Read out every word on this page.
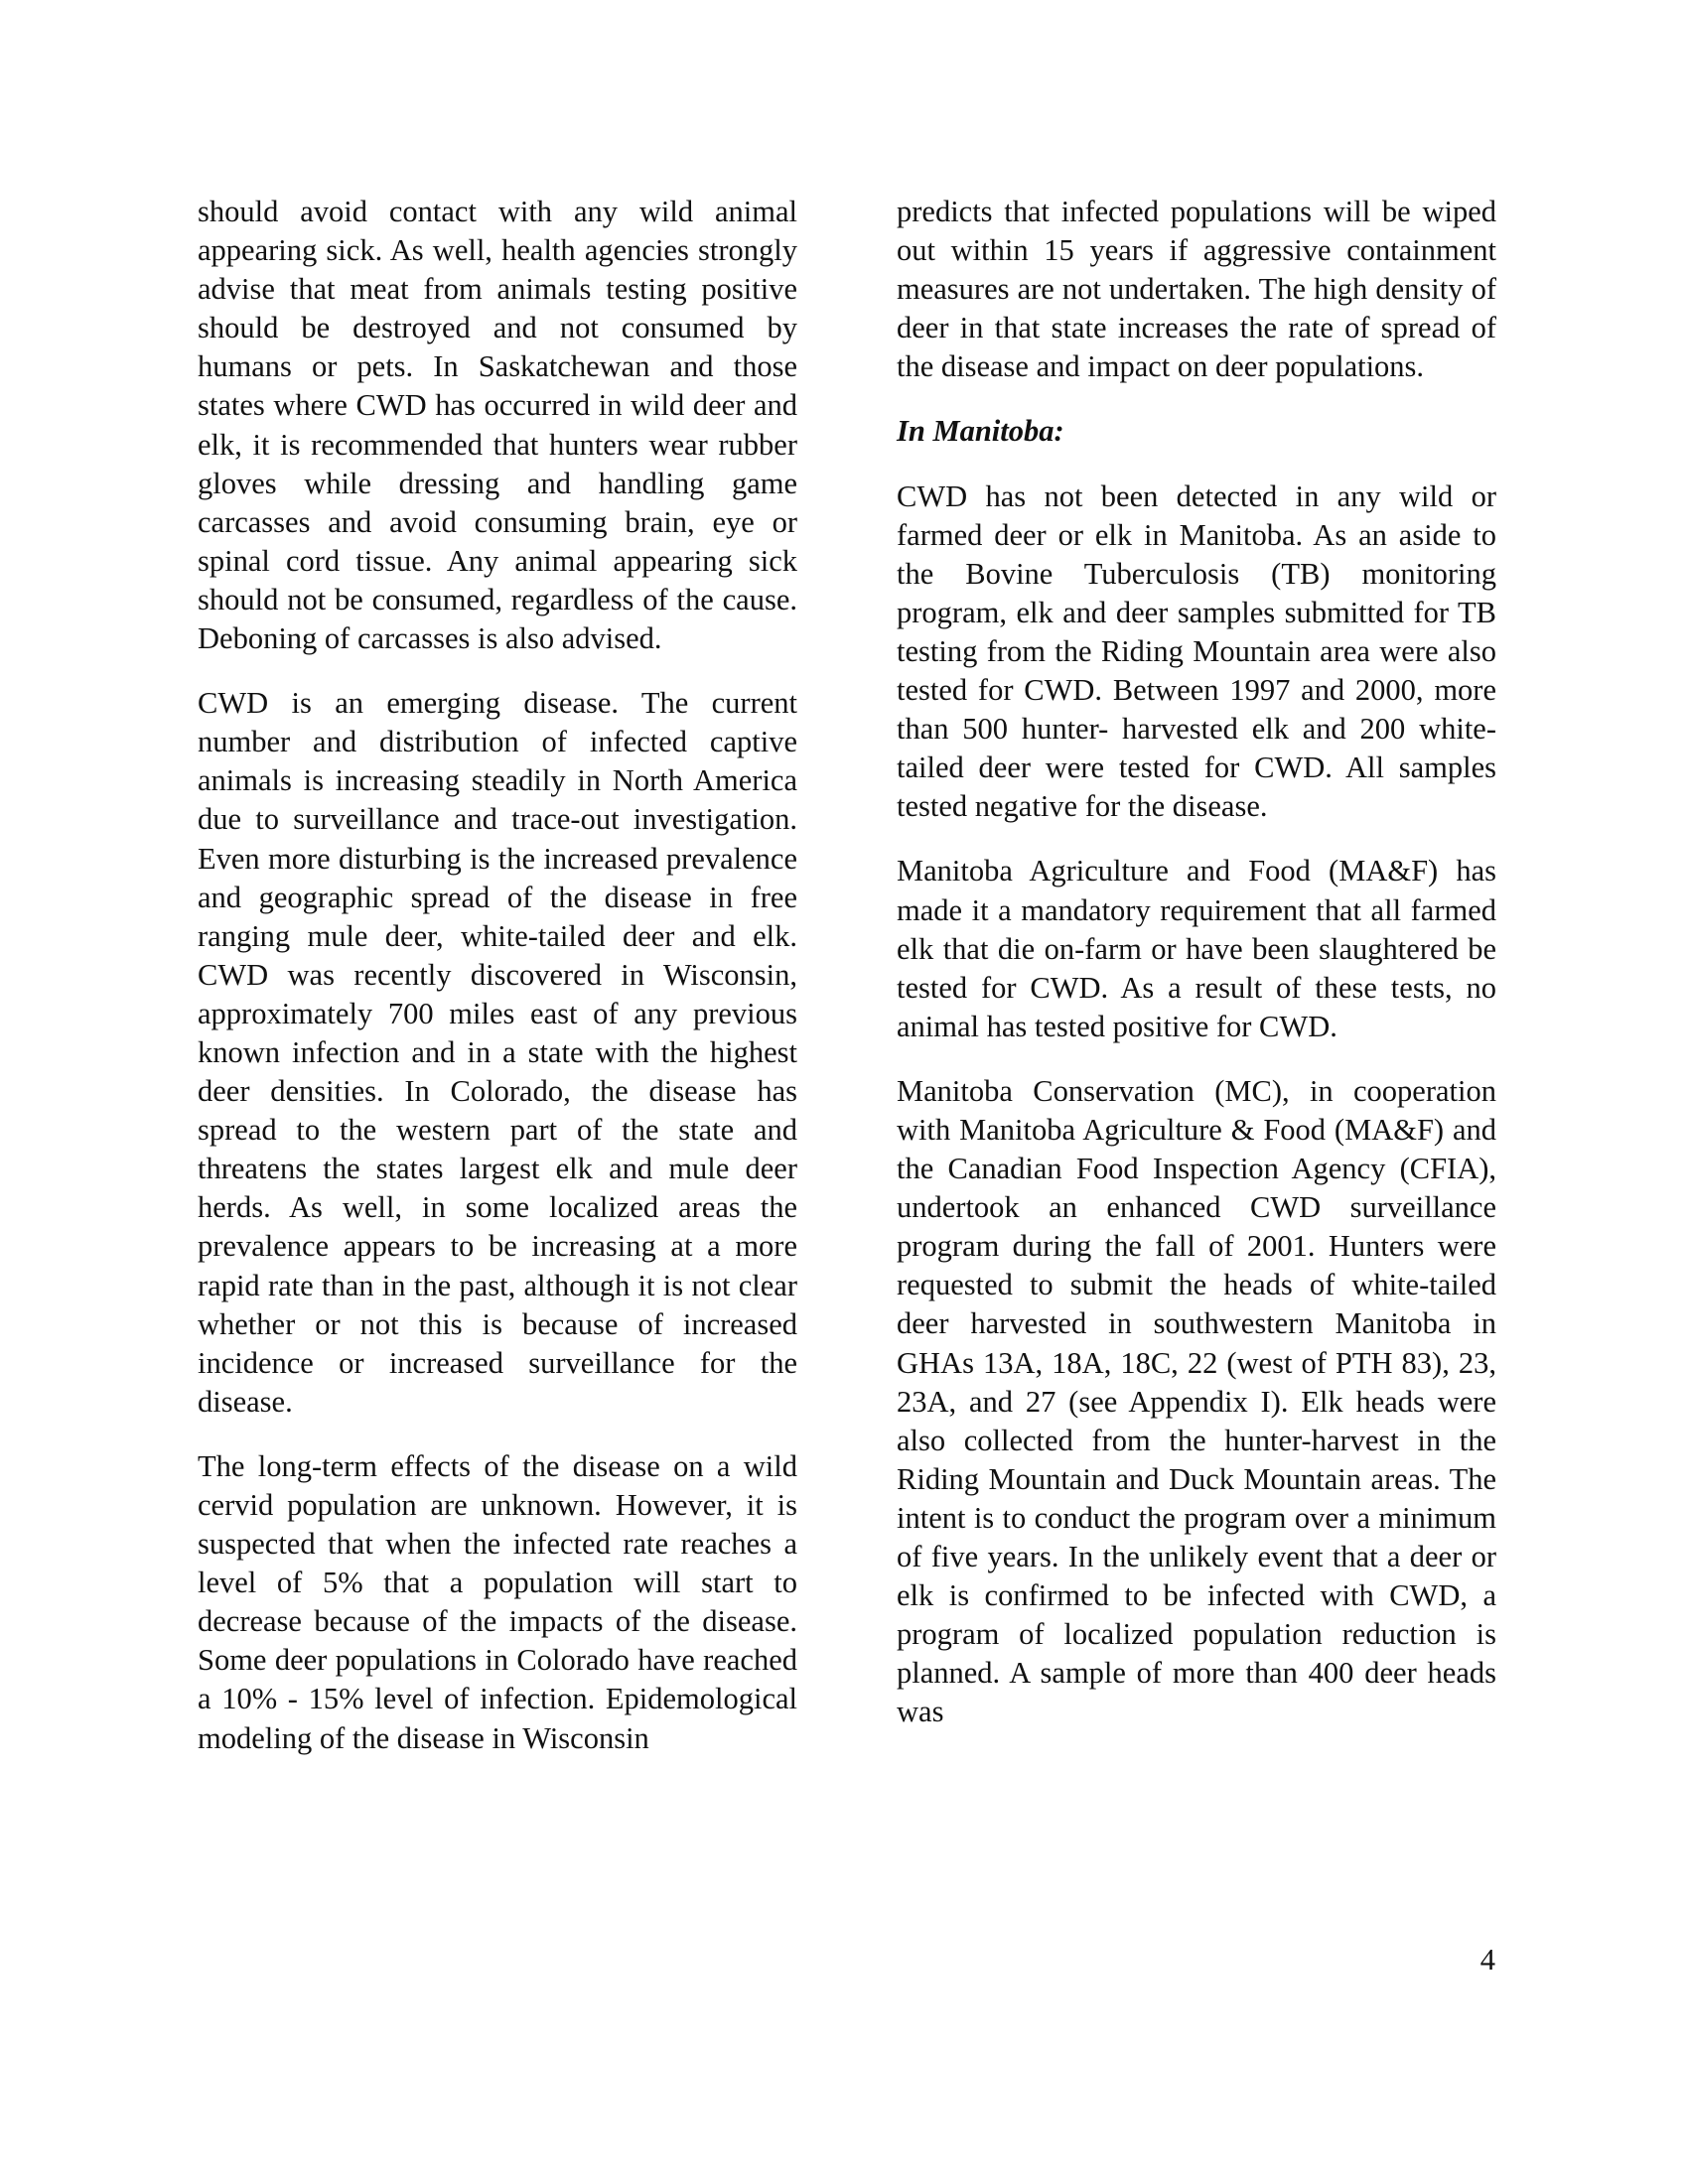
should avoid contact with any wild animal appearing sick. As well, health agencies strongly advise that meat from animals testing positive should be destroyed and not consumed by humans or pets. In Saskatchewan and those states where CWD has occurred in wild deer and elk, it is recommended that hunters wear rubber gloves while dressing and handling game carcasses and avoid consuming brain, eye or spinal cord tissue. Any animal appearing sick should not be consumed, regardless of the cause. Deboning of carcasses is also advised.

CWD is an emerging disease. The current number and distribution of infected captive animals is increasing steadily in North America due to surveillance and trace-out investigation. Even more disturbing is the increased prevalence and geographic spread of the disease in free ranging mule deer, white-tailed deer and elk. CWD was recently discovered in Wisconsin, approximately 700 miles east of any previous known infection and in a state with the highest deer densities. In Colorado, the disease has spread to the western part of the state and threatens the states largest elk and mule deer herds. As well, in some localized areas the prevalence appears to be increasing at a more rapid rate than in the past, although it is not clear whether or not this is because of increased incidence or increased surveillance for the disease.

The long-term effects of the disease on a wild cervid population are unknown. However, it is suspected that when the infected rate reaches a level of 5% that a population will start to decrease because of the impacts of the disease. Some deer populations in Colorado have reached a 10% - 15% level of infection. Epidemological modeling of the disease in Wisconsin

predicts that infected populations will be wiped out within 15 years if aggressive containment measures are not undertaken. The high density of deer in that state increases the rate of spread of the disease and impact on deer populations.

In Manitoba:

CWD has not been detected in any wild or farmed deer or elk in Manitoba. As an aside to the Bovine Tuberculosis (TB) monitoring program, elk and deer samples submitted for TB testing from the Riding Mountain area were also tested for CWD. Between 1997 and 2000, more than 500 hunter- harvested elk and 200 white-tailed deer were tested for CWD. All samples tested negative for the disease.

Manitoba Agriculture and Food (MA&F) has made it a mandatory requirement that all farmed elk that die on-farm or have been slaughtered be tested for CWD. As a result of these tests, no animal has tested positive for CWD.

Manitoba Conservation (MC), in cooperation with Manitoba Agriculture & Food (MA&F) and the Canadian Food Inspection Agency (CFIA), undertook an enhanced CWD surveillance program during the fall of 2001. Hunters were requested to submit the heads of white-tailed deer harvested in southwestern Manitoba in GHAs 13A, 18A, 18C, 22 (west of PTH 83), 23, 23A, and 27 (see Appendix I). Elk heads were also collected from the hunter-harvest in the Riding Mountain and Duck Mountain areas. The intent is to conduct the program over a minimum of five years. In the unlikely event that a deer or elk is confirmed to be infected with CWD, a program of localized population reduction is planned. A sample of more than 400 deer heads was

4
